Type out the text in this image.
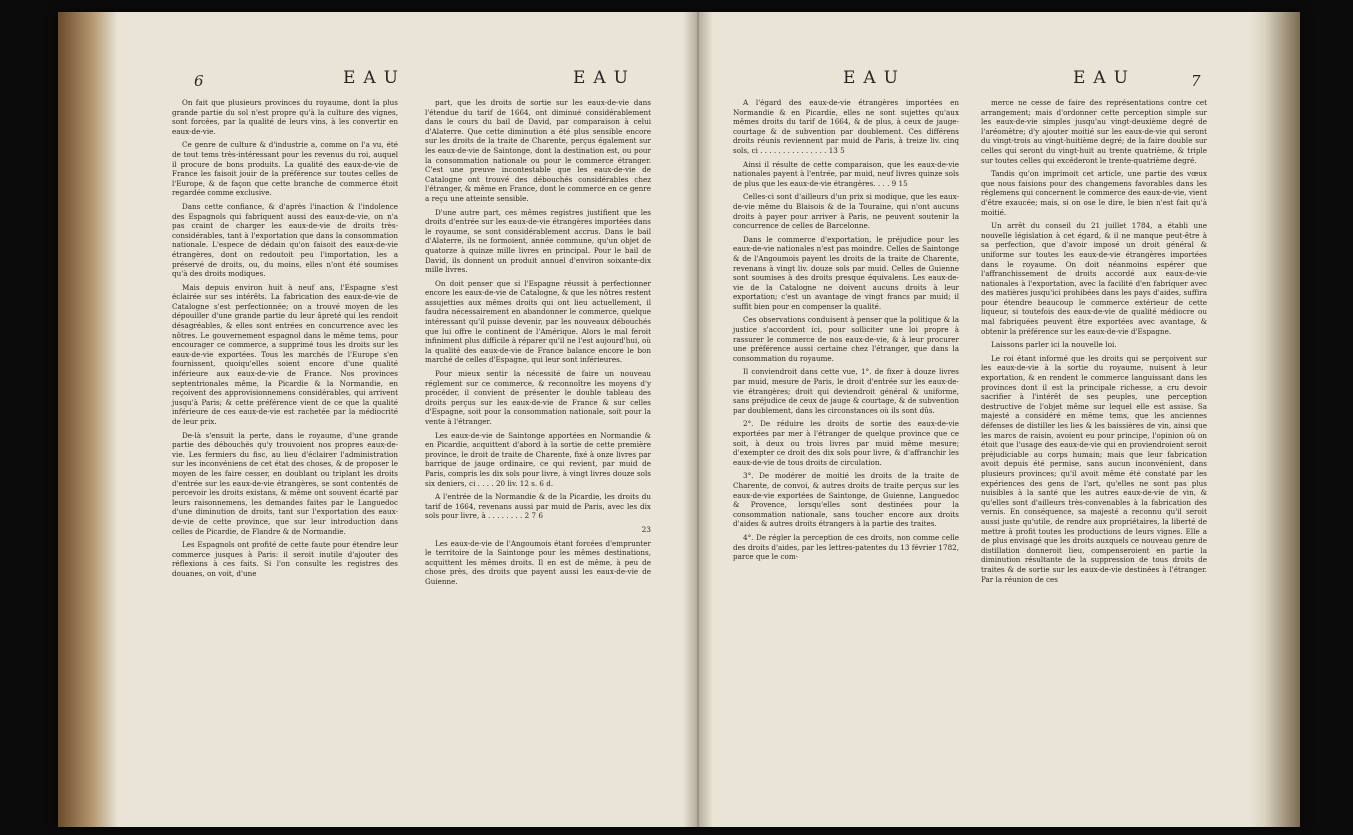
6	EAU	EAU

On fait que plusieurs provinces du royaume, dont la plus grande partie du sol n'est propre qu'à la culture des vignes, sont forcées, par la qualité de leurs vins, à les convertir en eaux-de-vie.

Ce genre de culture & d'industrie a, comme on l'a vu, été de tout tems très-intéressant pour les revenus du roi, auquel il procure de bons produits. La qualité des eaux-de-vie de France les faisoit jouir de la préférence sur toutes celles de l'Europe, & de façon que cette branche de commerce étoit regardée comme exclusive.

Dans cette confiance, & d'après l'inaction & l'indolence des Espagnols qui fabriquent aussi des eaux-de-vie, on n'a pas craint de charger les eaux-de-vie de droits très-considérables, tant à l'exportation que dans la consommation nationale. L'espece de dédain qu'on faisoit des eaux-de-vie étrangères, dont on redoutoit peu l'importation, les a préservé de droits, ou, du moins, elles n'ont été soumises qu'à des droits modiques.

Mais depuis environ huit à neuf ans, l'Espagne s'est éclairée sur ses intérêts. La fabrication des eaux-de-vie de Catalogne s'est perfectionnée; on a trouvé moyen de les dépouiller d'une grande partie du leur âpreté qui les rendoit désagréables, & elles sont entrées en concurrence avec les nôtres. Le gouvernement espagnol dans le même tems, pour encourager ce commerce, a supprimé tous les droits sur les eaux-de-vie exportées. Tous les marchés de l'Europe s'en fournissent, quoiqu'elles soient encore d'une qualité inférieure aux eaux-de-vie de France. Nos provinces septentrionales même, la Picardie & la Normandie, en reçoivent des approvisionnemens considérables, qui arrivent jusqu'à Paris; & cette préférence vient de ce que la qualité inférieure de ces eaux-de-vie est rachetée par la médiocrité de leur prix.

De-là s'ensuit la perte, dans le royaume, d'une grande partie des débouchés qu'y trouvoient nos propres eaux-de-vie. Les fermiers du fisc, au lieu d'éclairer l'administration sur les inconvéniens de cet état des choses, & de proposer le moyen de les faire cesser, en doublant ou triplant les droits d'entrée sur les eaux-de-vie étrangères, se sont contentés de percevoir les droits existans, & même ont souvent écarté par leurs raisonnemens, les demandes faites par le Languedoc d'une diminution de droits, tant sur l'exportation des eaux-de-vie de cette province, que sur leur introduction dans celles de Picardie, de Flandre & de Normandie.

Les Espagnols ont profité de cette faute pour étendre leur commerce jusques à Paris: il seroit inutile d'ajouter des réflexions à ces faits. Si l'on consulte les registres des douanes, on voit, d'une

part, que les droits de sortie sur les eaux-de-vie dans l'étendue du tarif de 1664, ont diminué considérablement dans le cours du bail de David, par comparaison à celui d'Alaterre. Que cette diminution a été plus sensible encore sur les droits de la traite de Charente, perçus également sur les eaux-de-vie de Saintonge, dont la destination est, ou pour la consommation nationale ou pour le commerce étranger. C'est une preuve incontestable que les eaux-de-vie de Catalogne ont trouvé des débouchés considérables chez l'étranger, & même en France, dont le commerce en ce genre a reçu une atteinte sensible.

D'une autre part, ces mêmes registres justifient que les droits d'entrée sur les eaux-de-vie étrangères importées dans le royaume, se sont considérablement accrus. Dans le bail d'Alaterre, ils ne formoient, année commune, qu'un objet de quatorze à quinze mille livres en principal. Pour le bail de David, ils donnent un produit annuel d'environ soixante-dix mille livres.

On doit penser que si l'Espagne réussit à perfectionner encore les eaux-de-vie de Catalogne, & que les nôtres restent assujetties aux mêmes droits qui ont lieu actuellement, il faudra nécessairement en abandonner le commerce, quelque intéressant qu'il puisse devenir, par les nouveaux débouchés que lui offre le continent de l'Amérique. Alors le mal feroit infiniment plus difficile à réparer qu'il ne l'est aujourd'hui, où la qualité des eaux-de-vie de France balance encore le bon marché de celles d'Espagne, qui leur sont inférieures.

Pour mieux sentir la nécessité de faire un nouveau réglement sur ce commerce, & reconnoître les moyens d'y procéder, il convient de présenter le double tableau des droits perçus sur les eaux-de-vie de France & sur celles d'Espagne, soit pour la consommation nationale, soit pour la vente à l'étranger.

Les eaux-de-vie de Saintonge apportées en Normandie & en Picardie, acquittent d'abord à la sortie de cette première province, le droit de traite de Charente, fixé à onze livres par barrique de jauge ordinaire, ce qui revient, par muid de Paris, compris les dix sols pour livre, à vingt livres douze sols six deniers, ci . . . . 20 liv. 12 s. 6 d.

A l'entrée de la Normandie & de la Picardie, les droits du tarif de 1664, revenans aussi par muid de Paris, avec les dix sols pour livre, à . . . . . . . . 2 7 6

23

Les eaux-de-vie de l'Angoumois étant forcées d'emprunter le territoire de la Saintonge pour les mêmes destinations, acquittent les mêmes droits. Il en est de même, à peu de chose près, des droits que payent aussi les eaux-de-vie de Guienne.

EAU	EAU	7

A l'égard des eaux-de-vie étrangères importées en Normandie & en Picardie, elles ne sont sujettes qu'aux mêmes droits du tarif de 1664, & de plus, à ceux de jauge-courtage & de subvention par doublement. Ces différens droits réunis reviennent par muid de Paris, à treize liv. cinq sols, ci . . . . . . . . . . . . . . . 13 5

Ainsi il résulte de cette comparaison, que les eaux-de-vie nationales payent à l'entrée, par muid, neuf livres quinze sols de plus que les eaux-de-vie étrangères. . . . 9 15

Celles-ci sont d'ailleurs d'un prix si modique, que les eaux-de-vie même du Blaisois & de la Touraine, qui n'ont aucuns droits à payer pour arriver à Paris, ne peuvent soutenir la concurrence de celles de Barcelonne.

Dans le commerce d'exportation, le préjudice pour les eaux-de-vie nationales n'est pas moindre. Celles de Saintonge & de l'Angoumois payent les droits de la traite de Charente, revenans à vingt liv. douze sols par muid. Celles de Guienne sont soumises à des droits presque équivalens. Les eaux-de-vie de la Catalogne ne doivent aucuns droits à leur exportation; c'est un avantage de vingt francs par muid; il suffit bien pour en compenser la qualité.

Ces observations conduisent à penser que la politique & la justice s'accordent ici, pour solliciter une loi propre à rassurer le commerce de nos eaux-de-vie, & à leur procurer une préférence aussi certaine chez l'étranger, que dans la consommation du royaume.

Il conviendroit dans cette vue, 1°. de fixer à douze livres par muid, mesure de Paris, le droit d'entrée sur les eaux-de-vie étrangères; droit qui deviendroit général & uniforme, sans préjudice de ceux de jauge & courtage, & de subvention par doublement, dans les circonstances où ils sont dûs.

2°. De réduire les droits de sortie des eaux-de-vie exportées par mer à l'étranger de quelque province que ce soit, à deux ou trois livres par muid même mesure; d'exempter ce droit des dix sols pour livre, & d'affranchir les eaux-de-vie de tous droits de circulation.

3°. De modérer de moitié les droits de la traite de Charente, de convoi, & autres droits de traite perçus sur les eaux-de-vie exportées de Saintonge, de Guienne, Languedoc & Provence, lorsqu'elles sont destinées pour la consommation nationale, sans toucher encore aux droits d'aides & autres droits étrangers à la partie des traites.

4°. De régler la perception de ces droits, non comme celle des droits d'aides, par les lettres-patentes du 13 février 1782, parce que le com-

merce ne cesse de faire des représentations contre cet arrangement; mais d'ordonner cette perception simple sur les eaux-de-vie simples jusqu'au vingt-deuxième degré de l'aréomètre; d'y ajouter moitié sur les eaux-de-vie qui seront du vingt-trois au vingt-huitième degré; de la faire double sur celles qui seront du vingt-huit au trente quatrième, & triple sur toutes celles qui excéderont le trente-quatrième degré.

Tandis qu'on imprimoit cet article, une partie des vœux que nous faisions pour des changemens favorables dans les réglemens qui concernent le commerce des eaux-de-vie, vient d'être exaucée; mais, si on ose le dire, le bien n'est fait qu'à moitié.

Un arrêt du conseil du 21 juillet 1784, a établi une nouvelle législation à cet égard, & il ne manque peut-être à sa perfection, que d'avoir imposé un droit général & uniforme sur toutes les eaux-de-vie étrangères importées dans le royaume. On doit néanmoins espérer que l'affranchissement de droits accordé aux eaux-de-vie nationales à l'exportation, avec la facilité d'en fabriquer avec des matières jusqu'ici prohibées dans les pays d'aides, suffira pour étendre beaucoup le commerce extérieur de cette liqueur, si toutefois des eaux-de-vie de qualité médiocre ou mal fabriquées peuvent être exportées avec avantage, & obtenir la préférence sur les eaux-de-vie d'Espagne.

Laissons parler ici la nouvelle loi.

Le roi étant informé que les droits qui se perçoivent sur les eaux-de-vie à la sortie du royaume, nuisent à leur exportation, & en rendent le commerce languissant dans les provinces dont il est la principale richesse, a cru devoir sacrifier à l'intérêt de ses peuples, une perception destructive de l'objet même sur lequel elle est assise. Sa majesté a considéré en même tems, que les anciennes défenses de distiller les lies & les baissières de vin, ainsi que les marcs de raisin, avoient eu pour principe, l'opinion où on étoit que l'usage des eaux-de-vie qui en proviendroient seroit préjudiciable au corps humain; mais que leur fabrication avoit depuis été permise, sans aucun inconvénient, dans plusieurs provinces; qu'il avoit même été constaté par les expériences des gens de l'art, qu'elles ne sont pas plus nuisibles à la santé que les autres eaux-de-vie de vin, & qu'elles sont d'ailleurs très-convenables à la fabrication des vernis. En conséquence, sa majesté a reconnu qu'il seroit aussi juste qu'utile, de rendre aux propriétaires, la liberté de mettre à profit toutes les productions de leurs vignes. Elle a de plus envisagé que les droits auxquels ce nouveau genre de distillation donneroit lieu, compenseroient en partie la diminution résultante de la suppression de tous droits de traites & de sortie sur les eaux-de-vie destinées à l'étranger. Par la réunion de ces
